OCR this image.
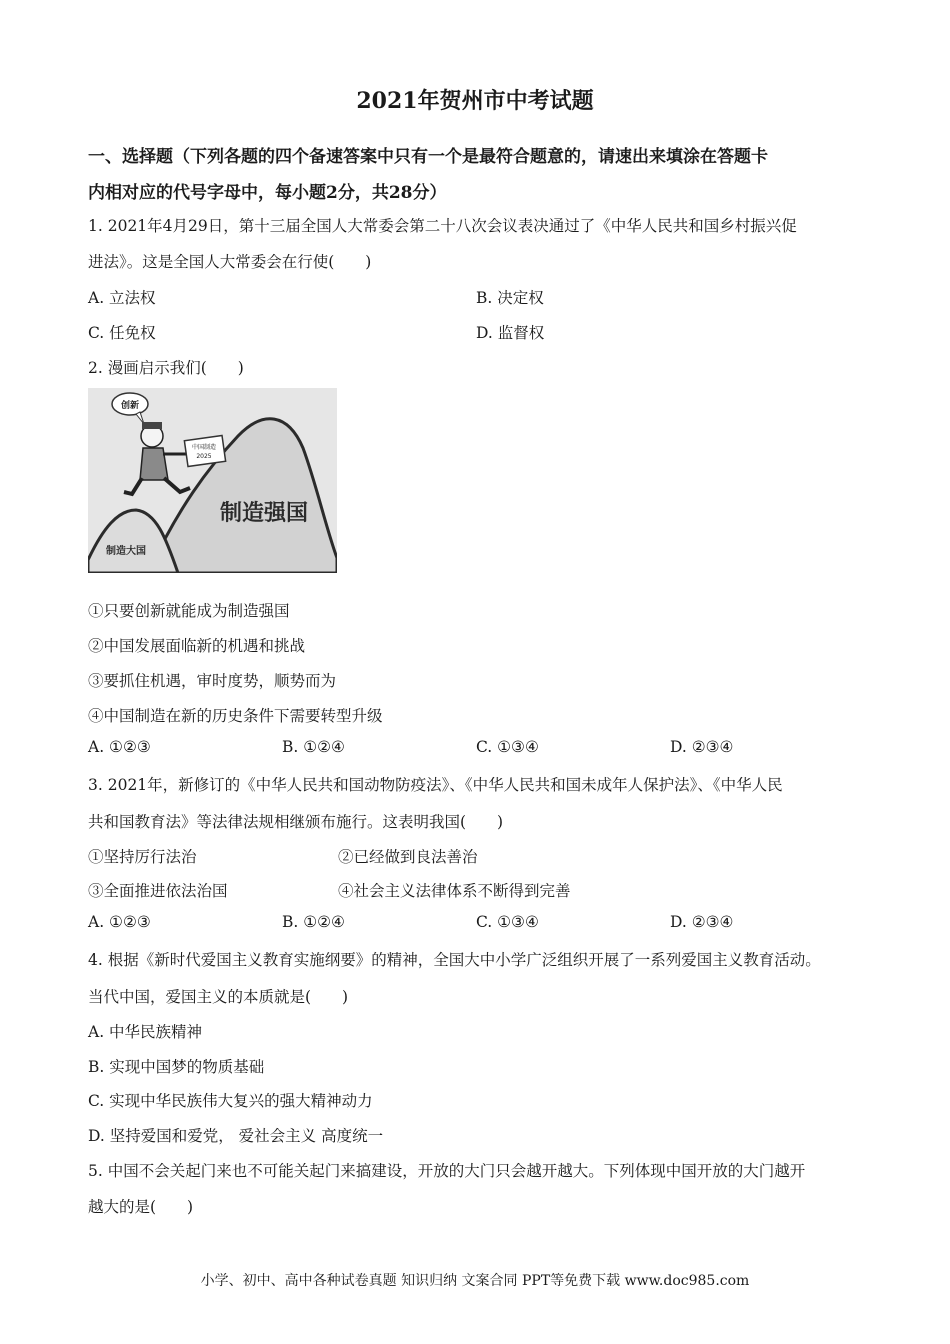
2021年贺州市中考试题
一、选择题（下列各题的四个备速答案中只有一个是最符合题意的，请速出来填涂在答题卡
内相对应的代号字母中，每小题2分，共28分）
1. 2021年4月29日，第十三届全国人大常委会第二十八次会议表决通过了《中华人民共和国乡村振兴促
进法》。这是全国人大常委会在行使(　　)
A. 立法权	B. 决定权
C. 任免权	D. 监督权
2. 漫画启示我们(　　)
创新
中国制造
2025
制造强国
制造大国
①只要创新就能成为制造强国
②中国发展面临新的机遇和挑战
③要抓住机遇，审时度势，顺势而为
④中国制造在新的历史条件下需要转型升级
A. ①②③	B. ①②④	C. ①③④	D. ②③④
3. 2021年，新修订的《中华人民共和国动物防疫法》、《中华人民共和国未成年人保护法》、《中华人民
共和国教育法》等法律法规相继颁布施行。这表明我国(　　)
①坚持厉行法治	②已经做到良法善治
③全面推进依法治国	④社会主义法律体系不断得到完善
A. ①②③	B. ①②④	C. ①③④	D. ②③④
4. 根据《新时代爱国主义教育实施纲要》的精神，全国大中小学广泛组织开展了一系列爱国主义教育活动。
当代中国，爱国主义的本质就是(　　)
A. 中华民族精神
B. 实现中国梦的物质基础
C. 实现中华民族伟大复兴的强大精神动力
D. 坚持爱国和爱党， 爱社会主义 高度统一
5. 中国不会关起门来也不可能关起门来搞建设，开放的大门只会越开越大。下列体现中国开放的大门越开
越大的是(　　)
小学、初中、高中各种试卷真题 知识归纳 文案合同 PPT等免费下载 www.doc985.com
